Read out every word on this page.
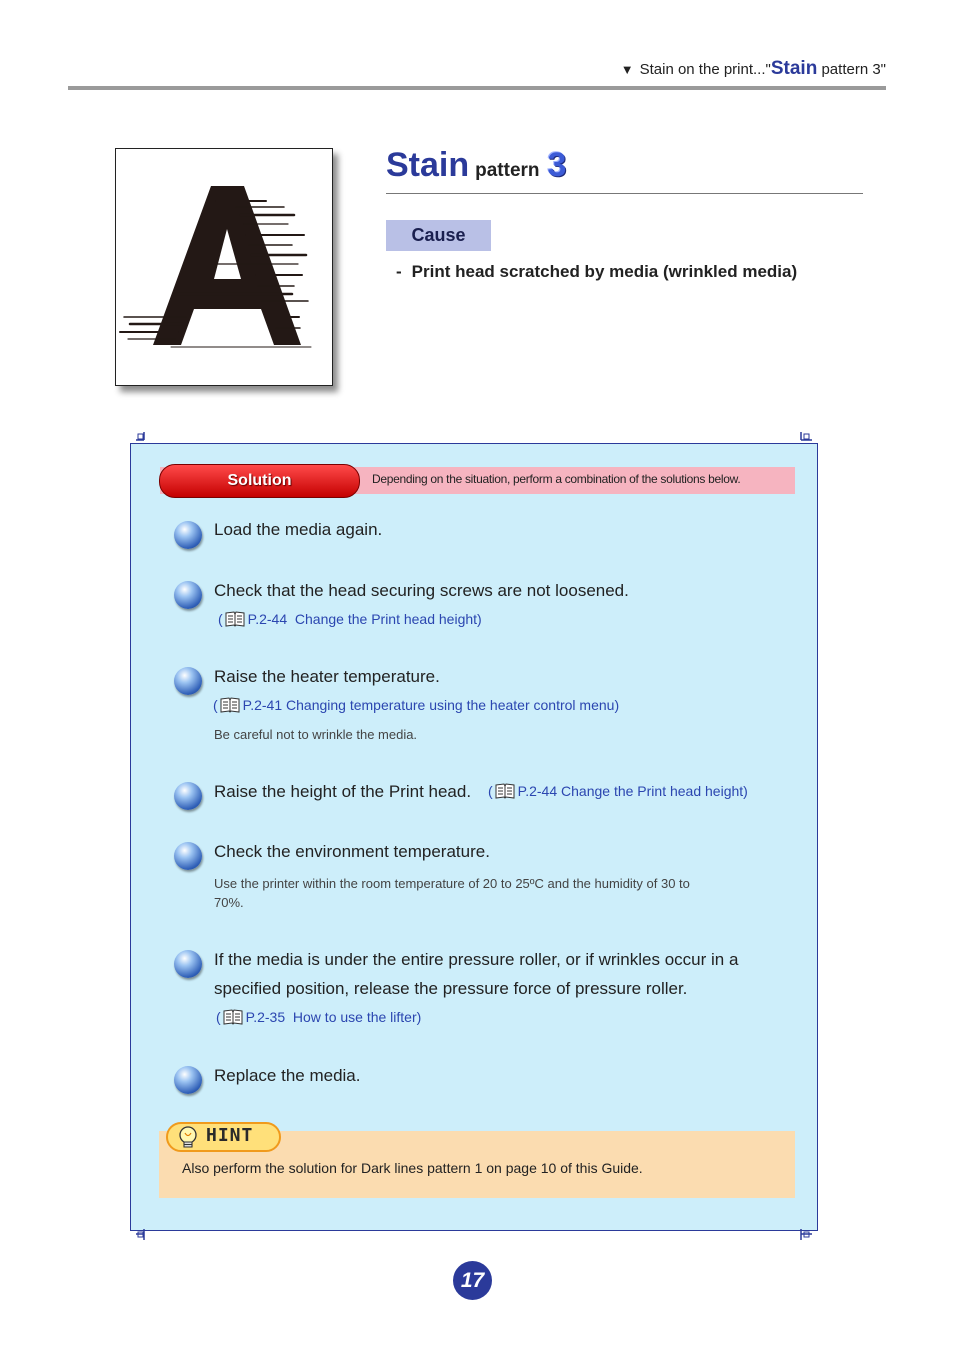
▼ Stain on the print..."Stain pattern 3"
Stain pattern 3
Cause
- Print head scratched by media (wrinkled media)
Solution	Depending on the situation, perform a combination of the solutions below.
Load the media again.
Check that the head securing screws are not loosened.
( P.2-44 Change the Print head height)
Raise the heater temperature.
( P.2-41 Changing temperature using the heater control menu)
Be careful not to wrinkle the media.
Raise the height of the Print head. ( P.2-44 Change the Print head height)
Check the environment temperature.
Use the printer within the room temperature of 20 to 25ºC and the humidity of 30 to
70%.
If the media is under the entire pressure roller, or if wrinkles occur in a
specified position, release the pressure force of pressure roller.
( P.2-35 How to use the lifter)
Replace the media.
HINT
Also perform the solution for Dark lines pattern 1 on page 10 of this Guide.
17
